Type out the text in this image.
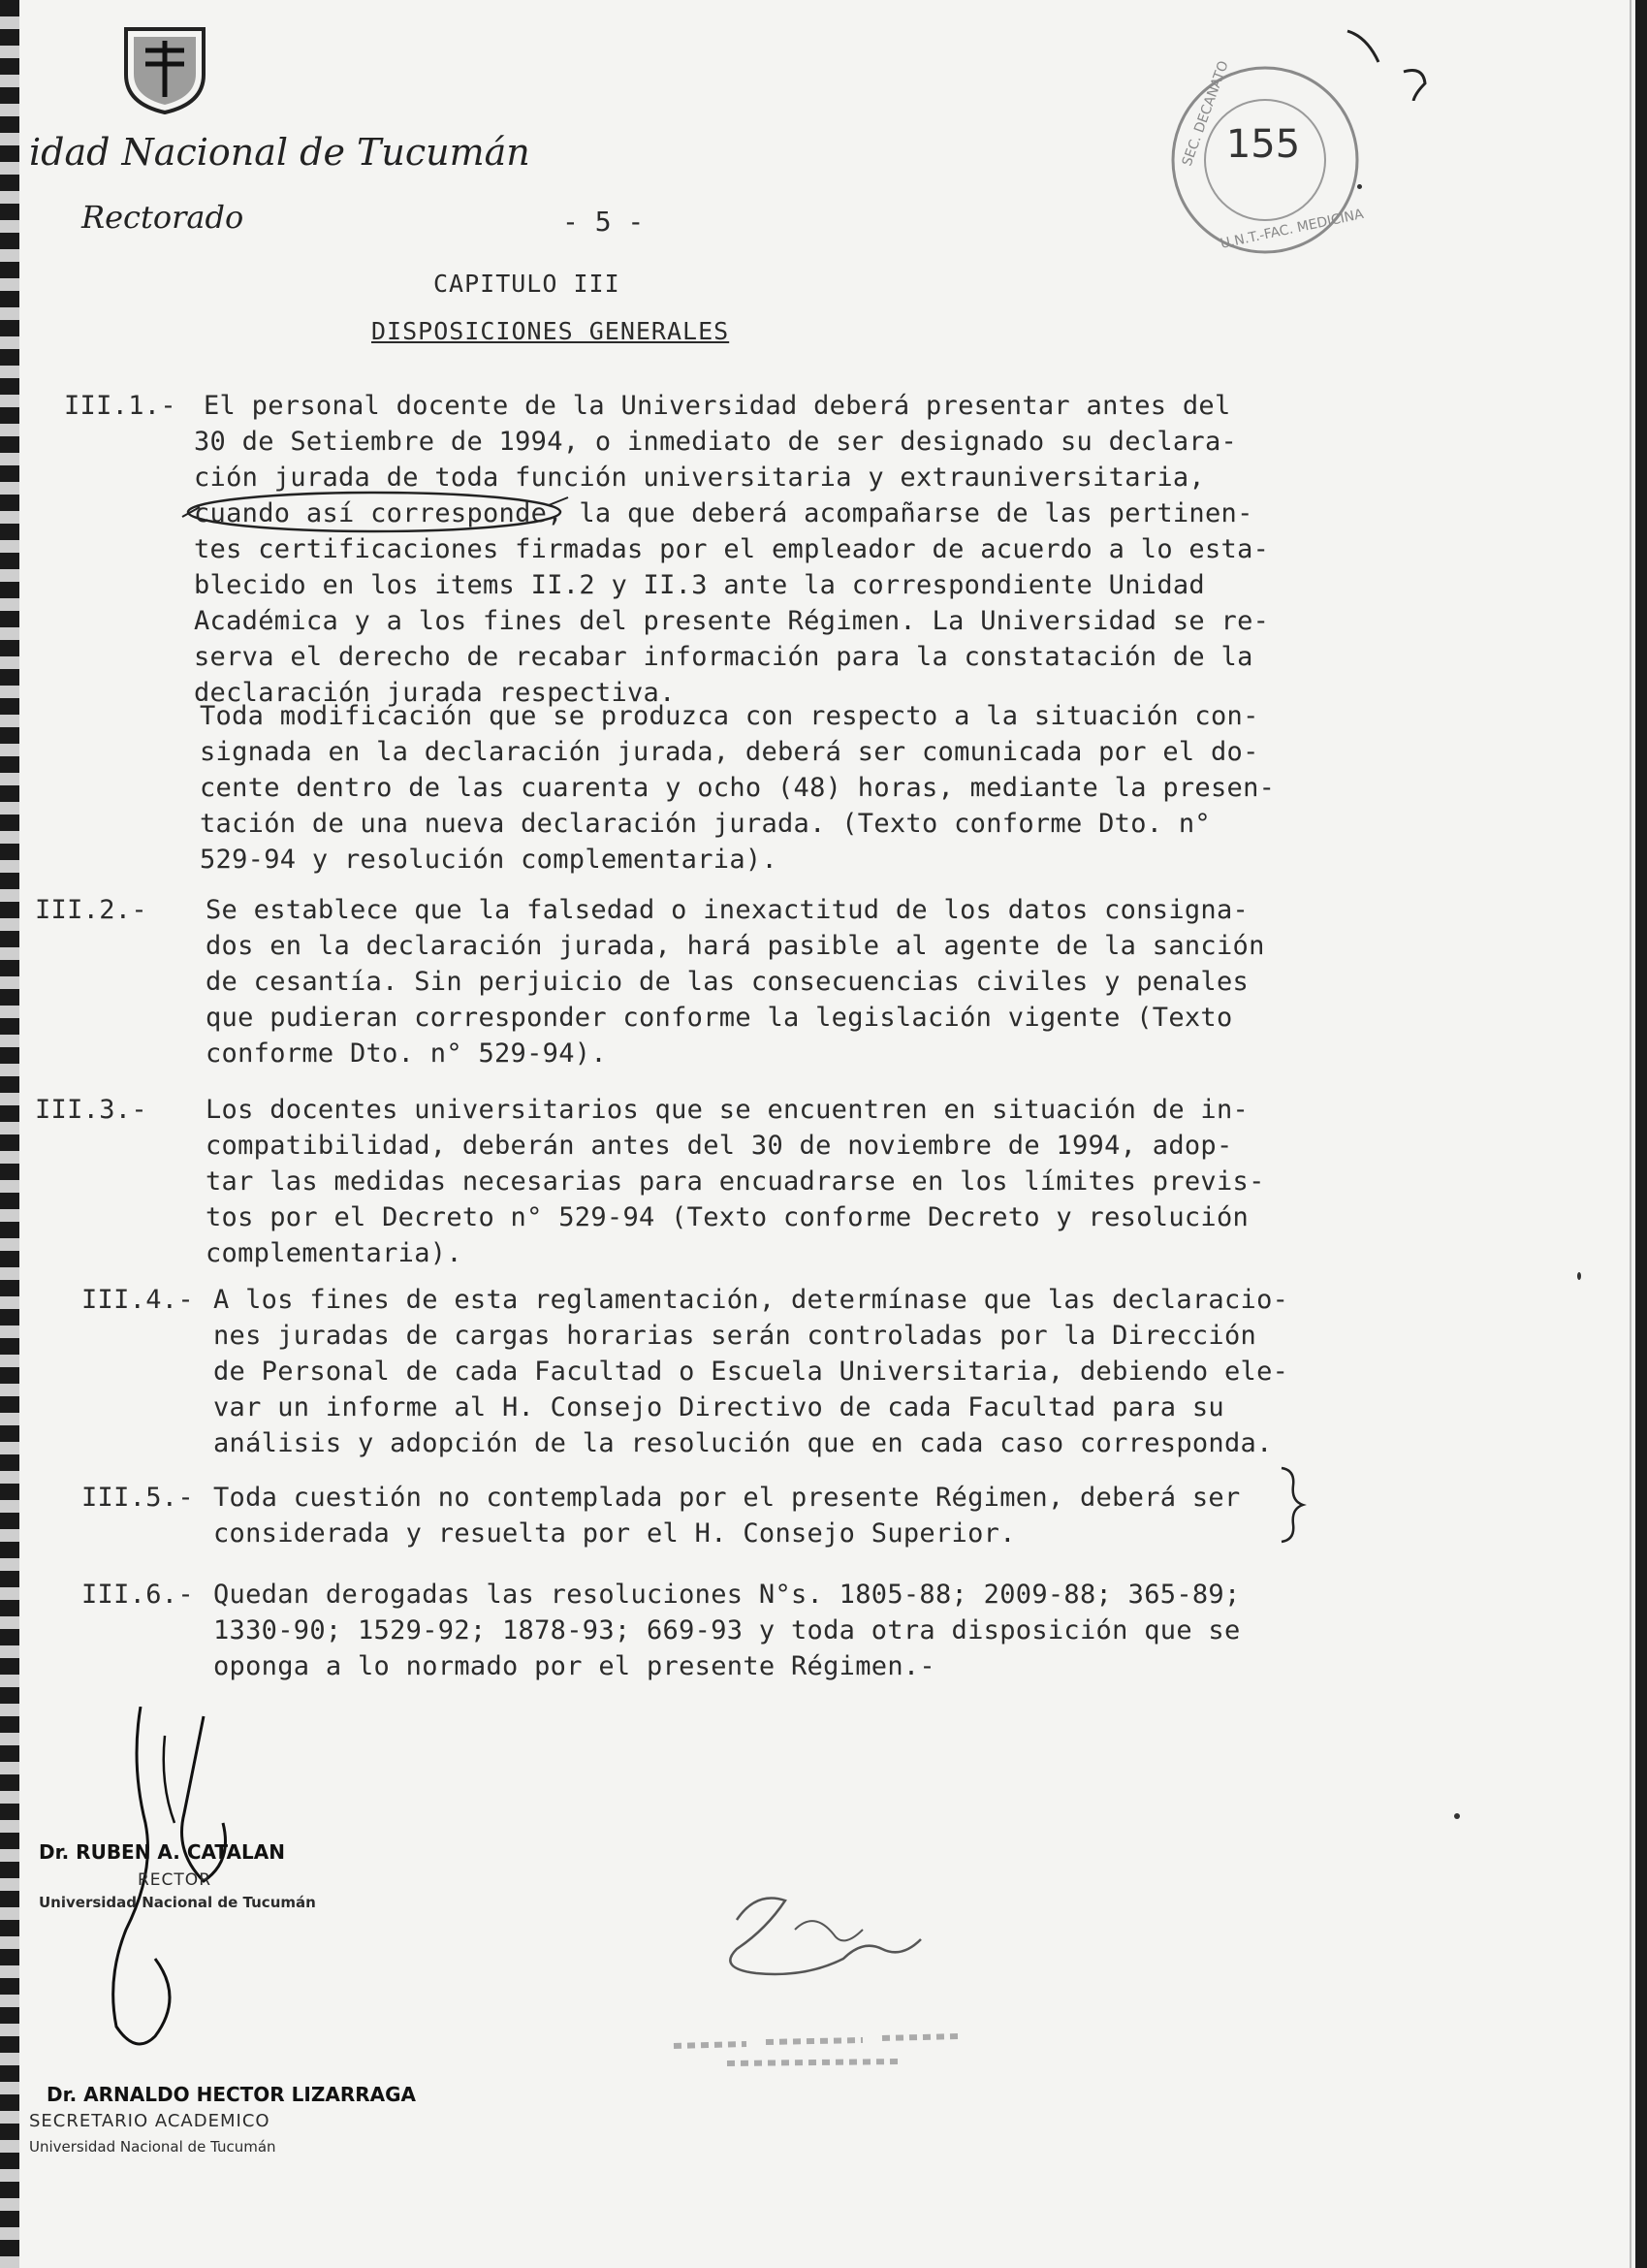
idad Nacional de Tucumán
Rectorado	- 5 -
SEC. DECANATO
U.N.T.-FAC. MEDICINA
155
CAPITULO III
DISPOSICIONES GENERALES
III.1.- El personal docente de la Universidad deberá presentar antes del
30 de Setiembre de 1994, o inmediato de ser designado su declara-
ción jurada de toda función universitaria y extrauniversitaria,
cuando así corresponde, la que deberá acompañarse de las pertinen-
tes certificaciones firmadas por el empleador de acuerdo a lo esta-
blecido en los items II.2 y II.3 ante la correspondiente Unidad
Académica y a los fines del presente Régimen. La Universidad se re-
serva el derecho de recabar información para la constatación de la
declaración jurada respectiva.
Toda modificación que se produzca con respecto a la situación con-
signada en la declaración jurada, deberá ser comunicada por el do-
cente dentro de las cuarenta y ocho (48) horas, mediante la presen-
tación de una nueva declaración jurada. (Texto conforme Dto. n°
529-94 y resolución complementaria).
III.2.- Se establece que la falsedad o inexactitud de los datos consigna-
dos en la declaración jurada, hará pasible al agente de la sanción
de cesantía. Sin perjuicio de las consecuencias civiles y penales
que pudieran corresponder conforme la legislación vigente (Texto
conforme Dto. n° 529-94).
III.3.- Los docentes universitarios que se encuentren en situación de in-
compatibilidad, deberán antes del 30 de noviembre de 1994, adop-
tar las medidas necesarias para encuadrarse en los límites previs-
tos por el Decreto n° 529-94 (Texto conforme Decreto y resolución
complementaria).
III.4.- A los fines de esta reglamentación, determínase que las declaracio-
nes juradas de cargas horarias serán controladas por la Dirección
de Personal de cada Facultad o Escuela Universitaria, debiendo ele-
var un informe al H. Consejo Directivo de cada Facultad para su
análisis y adopción de la resolución que en cada caso corresponda.
III.5.- Toda cuestión no contemplada por el presente Régimen, deberá ser
considerada y resuelta por el H. Consejo Superior.
III.6.- Quedan derogadas las resoluciones N°s. 1805-88; 2009-88; 365-89;
1330-90; 1529-92; 1878-93; 669-93 y toda otra disposición que se
oponga a lo normado por el presente Régimen.-
Dr. RUBEN A. CATALAN
RECTOR
Universidad Nacional de Tucumán
Dr. ARNALDO HECTOR LIZARRAGA
SECRETARIO ACADEMICO
Universidad Nacional de Tucumán
